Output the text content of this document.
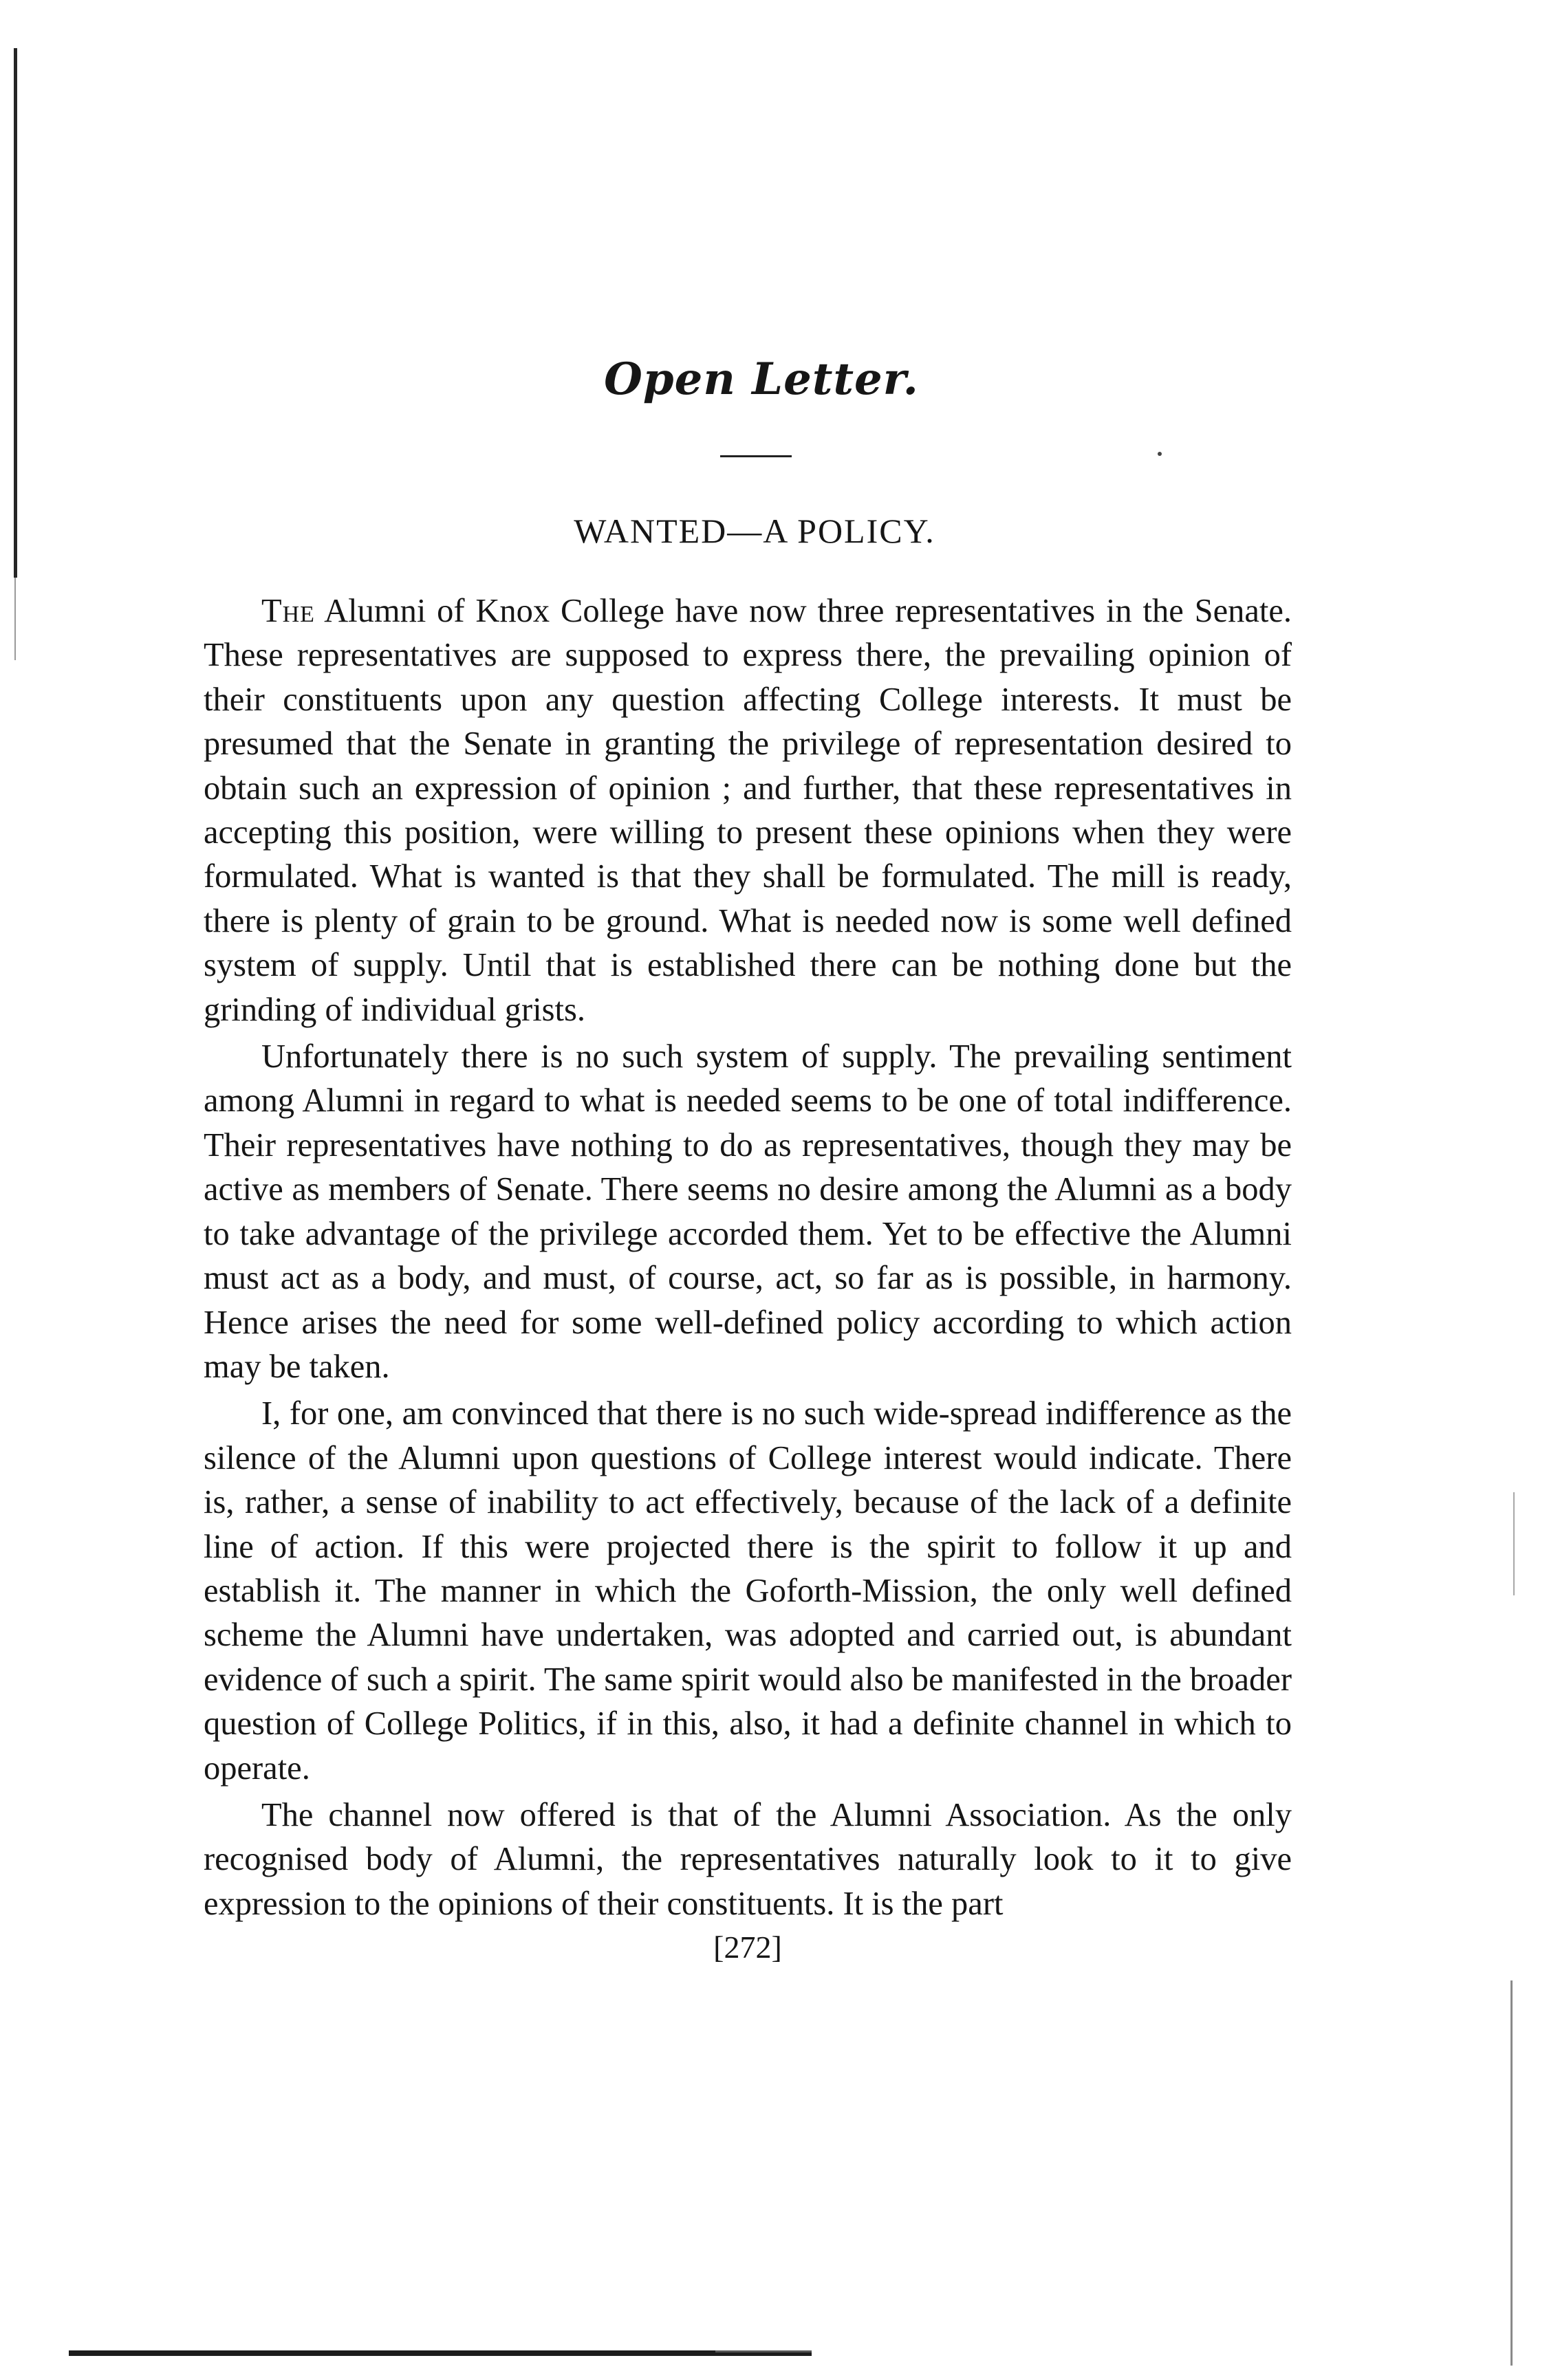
Open Letter.
WANTED—A POLICY.

The Alumni of Knox College have now three representatives in the Senate. These representatives are supposed to express there, the prevailing opinion of their constituents upon any question affecting College interests. It must be presumed that the Senate in granting the privilege of representation desired to obtain such an expression of opinion ; and further, that these representatives in accepting this position, were willing to present these opinions when they were formulated. What is wanted is that they shall be formulated. The mill is ready, there is plenty of grain to be ground. What is needed now is some well defined system of supply. Until that is established there can be nothing done but the grinding of individual grists.

Unfortunately there is no such system of supply. The prevailing sentiment among Alumni in regard to what is needed seems to be one of total indifference. Their representatives have nothing to do as representatives, though they may be active as members of Senate. There seems no desire among the Alumni as a body to take advantage of the privilege accorded them. Yet to be effective the Alumni must act as a body, and must, of course, act, so far as is possible, in harmony. Hence arises the need for some well-defined policy according to which action may be taken.

I, for one, am convinced that there is no such wide-spread indifference as the silence of the Alumni upon questions of College interest would indicate. There is, rather, a sense of inability to act effectively, because of the lack of a definite line of action. If this were projected there is the spirit to follow it up and establish it. The manner in which the Goforth-Mission, the only well defined scheme the Alumni have undertaken, was adopted and carried out, is abundant evidence of such a spirit. The same spirit would also be manifested in the broader question of College Politics, if in this, also, it had a definite channel in which to operate.

The channel now offered is that of the Alumni Association. As the only recognised body of Alumni, the representatives naturally look to it to give expression to the opinions of their constituents. It is the part

[272]
